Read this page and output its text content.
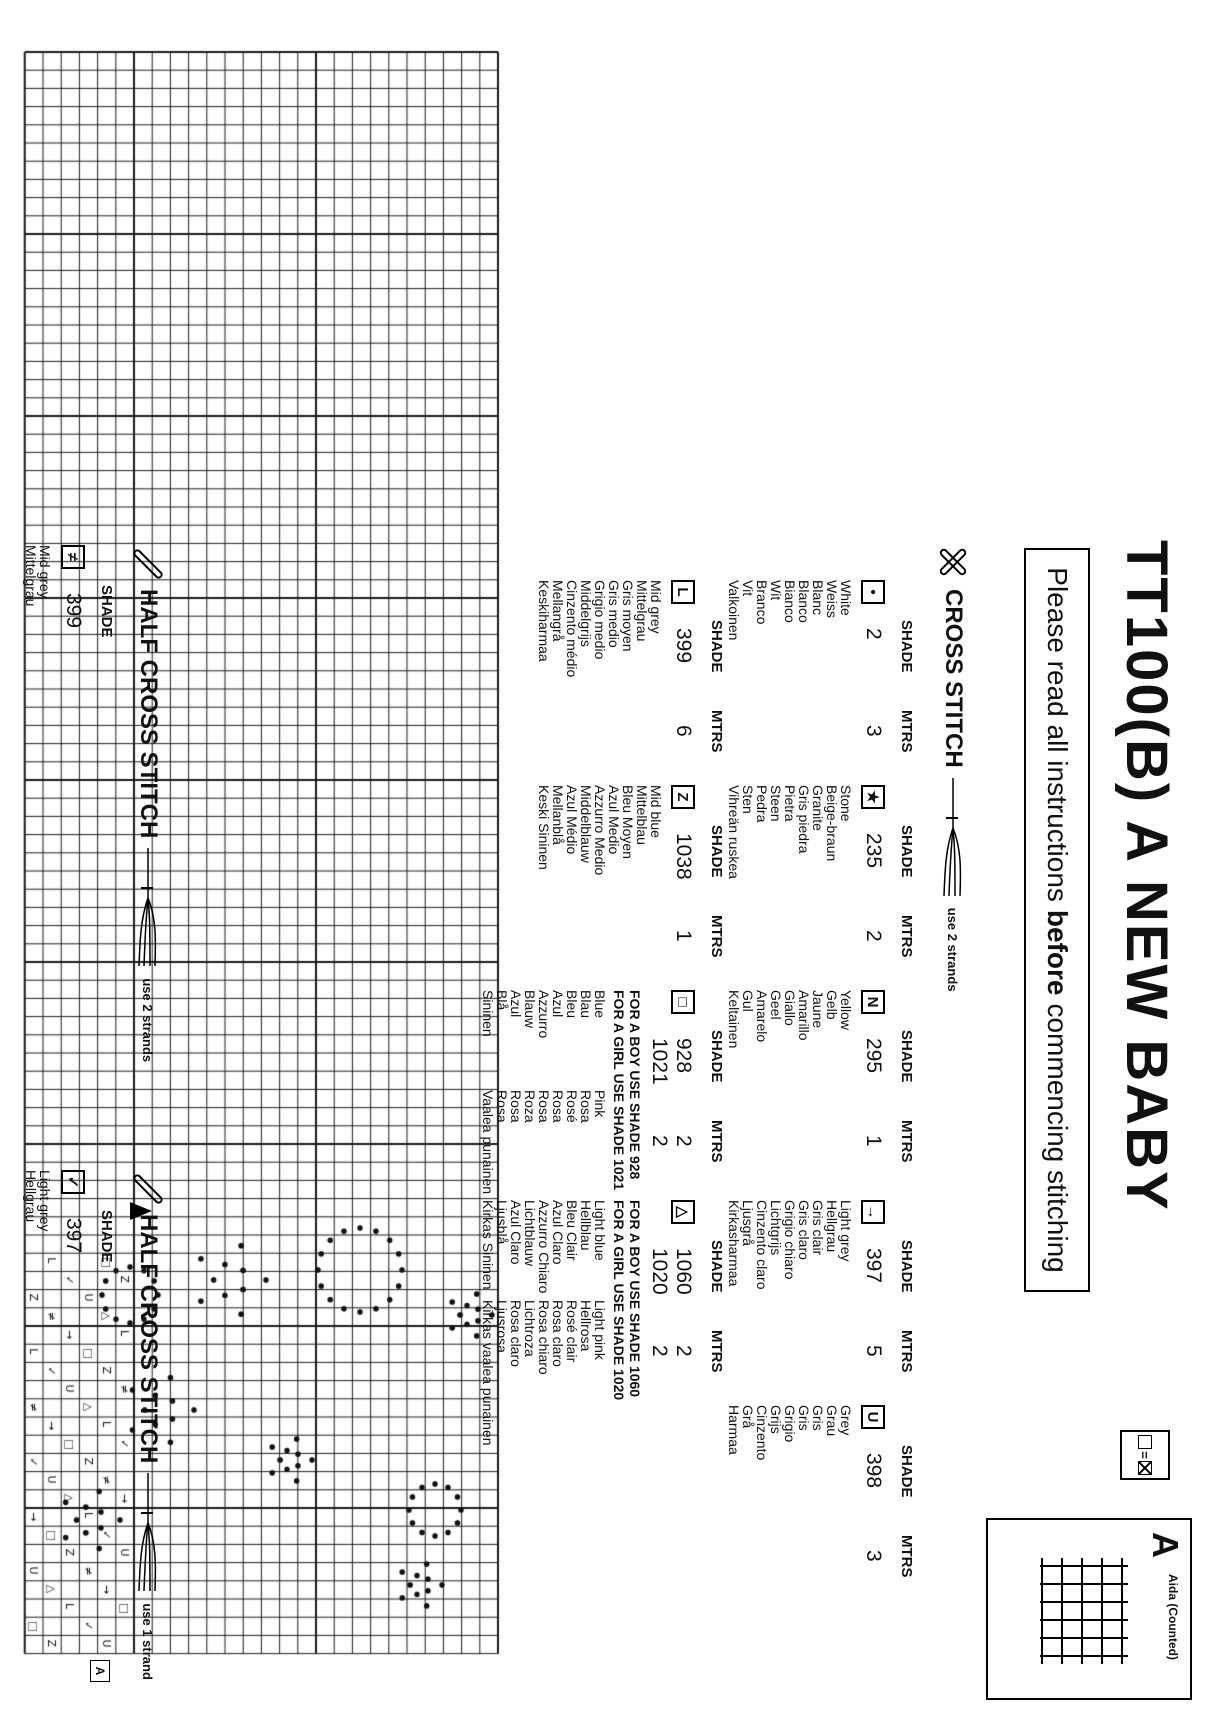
A
TT100(B) A NEW BABY
Please read all instructions
before
commencing stitching
=
A
Aida (Counted)
CROSS STITCH
use 2 strands
SHADE
MTRS
•
2
3
White
Weiss
Blanc
Blanco
Bianco
Wit
Branco
Vit
Valkoinen
SHADE
MTRS
★
235
2
Stone
Beige-braun
Granite
Gris piedra
Pietra
Steen
Pedra
Sten
Vihreän ruskea
SHADE
MTRS
N
295
1
Yellow
Gelb
Jaune
Amarillo
Giallo
Geel
Amarelo
Gul
Keltainen
SHADE
MTRS
→
397
5
Light grey
Hellgrau
Gris clair
Gris claro
Grigio chiaro
Lichtgrijs
Cinzento claro
Ljusgrå
Kirkasharmaa
SHADE
MTRS
U
398
3
Grey
Grau
Gris
Gris
Grigio
Grijs
Cinzento
Grå
Harmaa
SHADE
MTRS
L
399
6
Mid grey
Mittelgrau
Gris moyen
Gris medio
Grigio medio
Middelgrijs
Cinzento médio
Mellangrå
Keskiharmaa
SHADE
MTRS
Z
1038
1
Mid blue
Mittelblau
Bleu Moyen
Azul Medio
Azzurro Medio
Middelblauw
Azul Médio
Mellanblå
Keski Sininen
SHADE
MTRS
□
928
2
1021
2
FOR A BOY USE SHADE 928
FOR A GIRL USE SHADE 1021
Blue
Blau
Bleu
Azul
Azzurro
Blauw
Azul
Blå
Sininen
Pink
Rosa
Rosé
Rosa
Rosa
Roza
Rosa
Rosa
Vaalea punainen
SHADE
MTRS
△
1060
2
1020
2
FOR A BOY USE SHADE 1060
FOR A GIRL USE SHADE 1020
Light blue
Hellblau
Bleu Clair
Azul Claro
Azzurro Chiaro
Lichtblauw
Azul Claro
Ljusblå
Kirkas Sininen
Light pink
Hellrosa
Rosé clair
Rosa claro
Rosa chiaro
Lichtroza
Rosa claro
Ljusrosa
Kirkas vaalea punainen
HALF CROSS STITCH
use 2 strands
SHADE
≠
399
Mid grey
Mittelgrau
HALF CROSS STITCH
use 1 strand
SHADE
✓
397
Light grey
Hellgrau
